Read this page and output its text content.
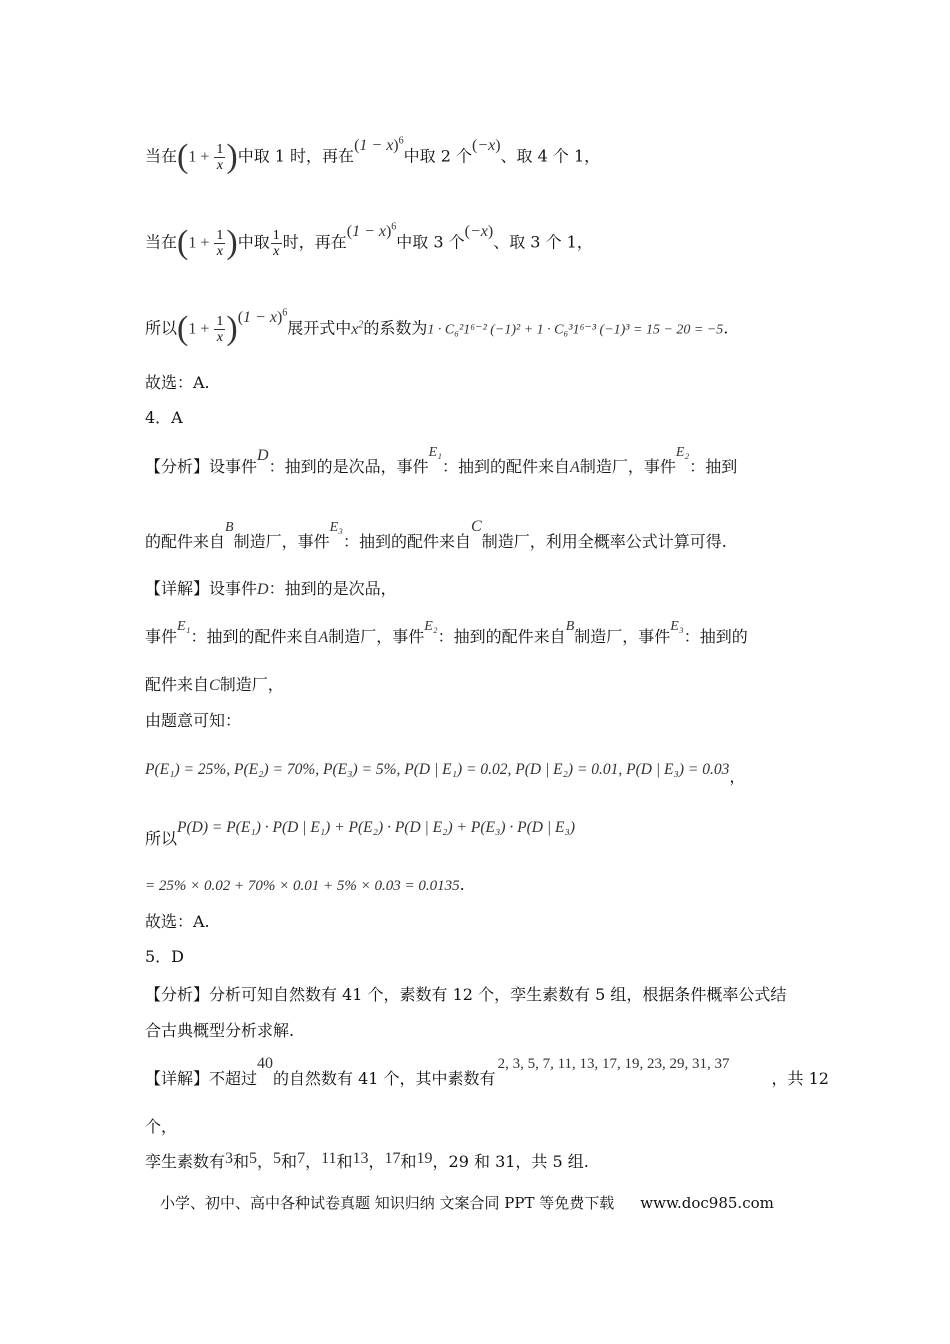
当在($1 + \frac{1}{x}$ )中取 1 时，再在$(1 - x)^6$中取 2 个(−x)、取 4 个 1，
当在($1 + \frac{1}{x}$ )中取 $\frac{1}{x}$ 时，再在$(1 - x)^6$中取 3 个(−x)、取 3 个 1，
所以$(1 + \frac{1}{x} )(1 - x)^6$展开式中$x^2$的系数为1 · C₆²1⁶⁻² (−1)² + 1 · C₆³1⁶⁻³ (−1)³ = 15 − 20 = −5.
故选：A.
4．A
【分析】设事件D：抽到的是次品，事件E₁：抽到的配件来自A制造厂，事件E₂：抽到
的配件来自B制造厂，事件E₃：抽到的配件来自C制造厂，利用全概率公式计算可得.
【详解】设事件D：抽到的是次品，
事件E₁：抽到的配件来自A制造厂，事件E₂：抽到的配件来自B制造厂，事件E₃：抽到的
配件来自C制造厂，
由题意可知：
P(E₁) = 25%, P(E₂) = 70%, P(E₃) = 5%, P(D | E₁) = 0.02, P(D | E₂) = 0.01, P(D | E₃) = 0.03，
所以P(D) = P(E₁) · P(D | E₁) + P(E₂) · P(D | E₂) + P(E₃) · P(D | E₃)
= 25% × 0.02 + 70% × 0.01 + 5% × 0.03 = 0.0135.
故选：A.
5．D
【分析】分析可知自然数有 41 个，素数有 12 个，孪生素数有 5 组，根据条件概率公式结
合古典概型分析求解.
【详解】不超过40的自然数有 41 个，其中素数有2, 3, 5, 7, 11, 13, 17, 19, 23, 29, 31, 37，共 12
个，
孪生素数有3和5，5和7，11和13，17和19，29 和 31，共 5 组.
小学、初中、高中各种试卷真题 知识归纳 文案合同 PPT 等免费下载 www.doc985.com
